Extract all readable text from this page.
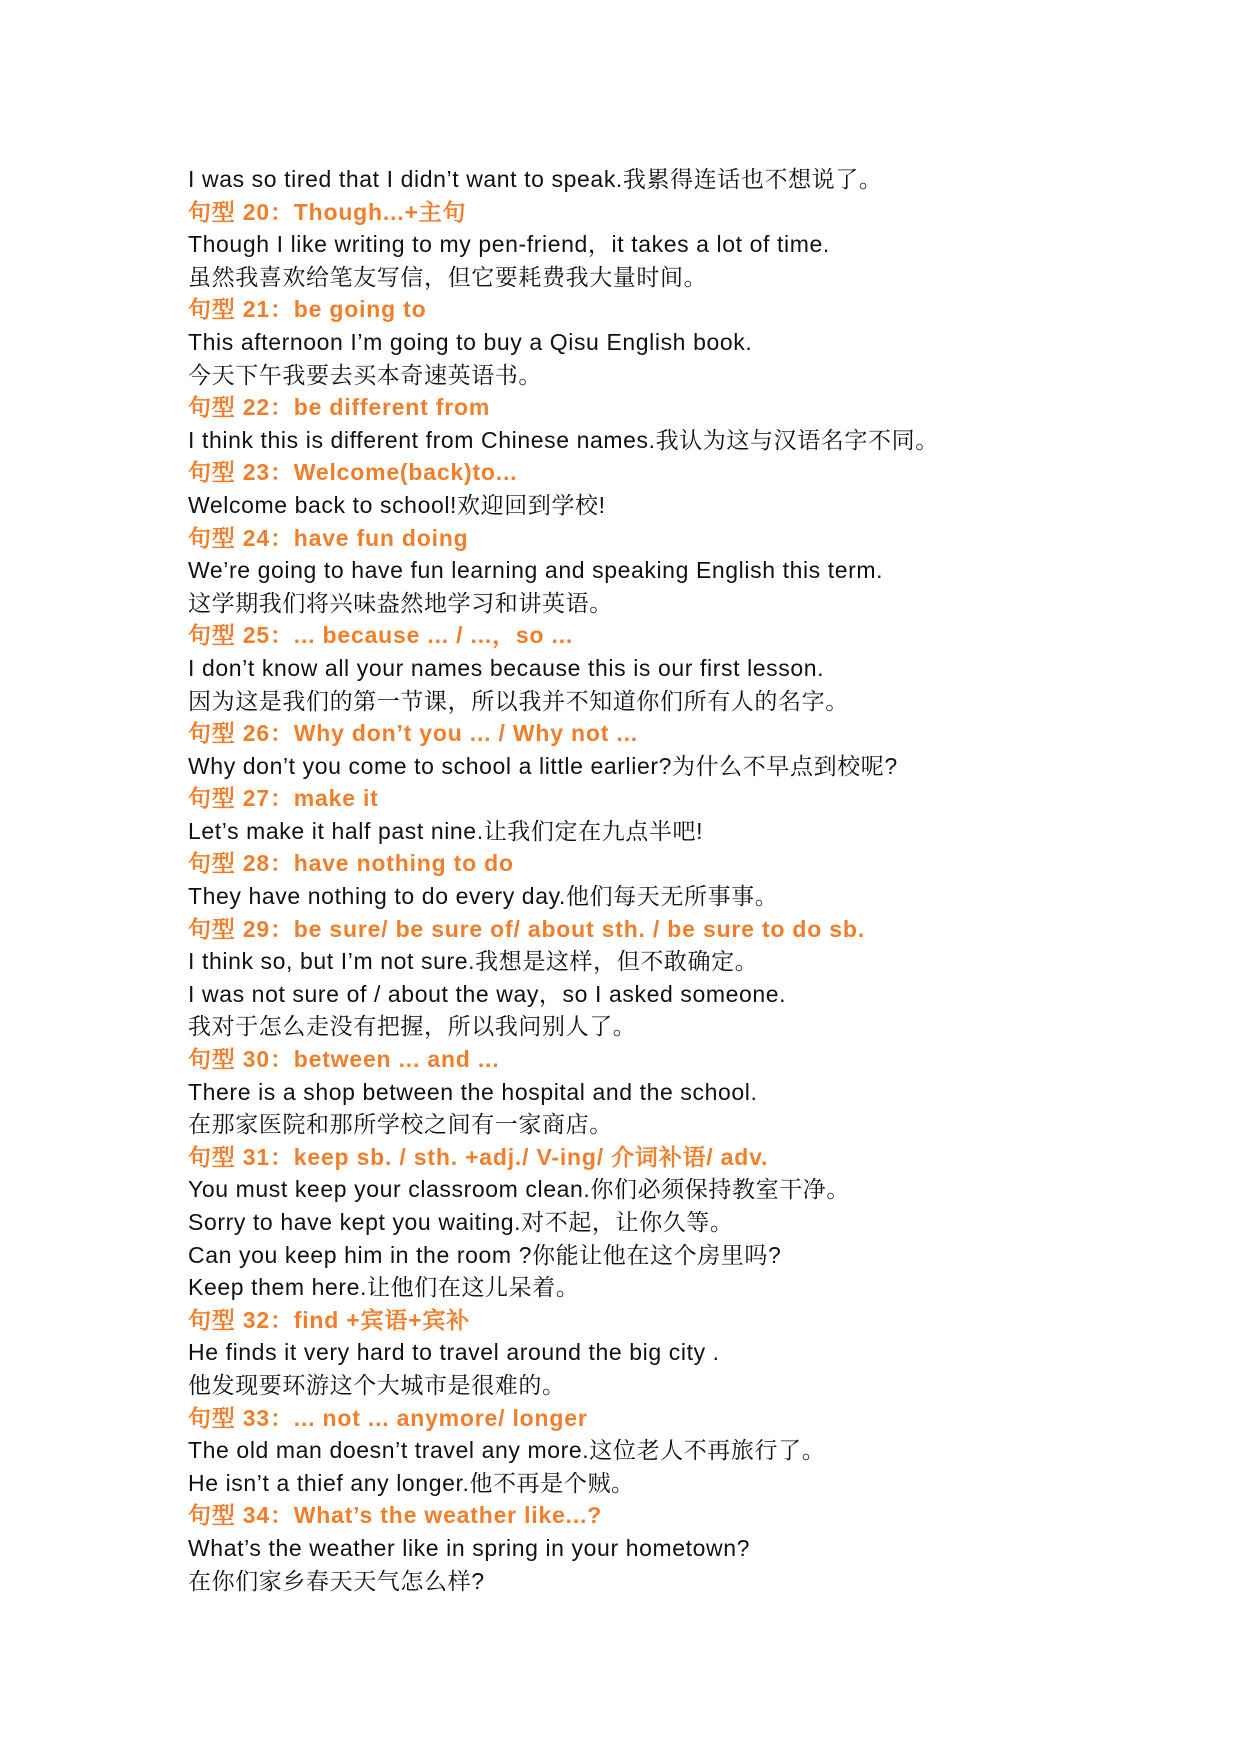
I was so tired that I didn’t want to speak.我累得连话也不想说了。
句型 20：Though...+主句
Though I like writing to my pen-friend，it takes a lot of time.
虽然我喜欢给笔友写信，但它要耗费我大量时间。
句型 21：be going to
This afternoon I’m going to buy a Qisu English book.
今天下午我要去买本奇速英语书。
句型 22：be different from
I think this is different from Chinese names.我认为这与汉语名字不同。
句型 23：Welcome(back)to...
Welcome back to school!欢迎回到学校!
句型 24：have fun doing
We’re going to have fun learning and speaking English this term.
这学期我们将兴味盎然地学习和讲英语。
句型 25：... because ... / ...，so ...
I don’t know all your names because this is our first lesson.
因为这是我们的第一节课，所以我并不知道你们所有人的名字。
句型 26：Why don’t you ... / Why not ...
Why don’t you come to school a little earlier?为什么不早点到校呢?
句型 27：make it
Let’s make it half past nine.让我们定在九点半吧!
句型 28：have nothing to do
They have nothing to do every day.他们每天无所事事。
句型 29：be sure/ be sure of/ about sth. / be sure to do sb.
I think so, but I’m not sure.我想是这样，但不敢确定。
I was not sure of / about the way，so I asked someone.
我对于怎么走没有把握，所以我问别人了。
句型 30：between ... and ...
There is a shop between the hospital and the school.
在那家医院和那所学校之间有一家商店。
句型 31：keep sb. / sth. +adj./ V-ing/ 介词补语/ adv.
You must keep your classroom clean.你们必须保持教室干净。
Sorry to have kept you waiting.对不起，让你久等。
Can you keep him in the room ?你能让他在这个房里吗?
Keep them here.让他们在这儿呆着。
句型 32：find +宾语+宾补
He finds it very hard to travel around the big city .
他发现要环游这个大城市是很难的。
句型 33：... not ... anymore/ longer
The old man doesn’t travel any more.这位老人不再旅行了。
He isn’t a thief any longer.他不再是个贼。
句型 34：What’s the weather like...?
What’s the weather like in spring in your hometown?
在你们家乡春天天气怎么样?
